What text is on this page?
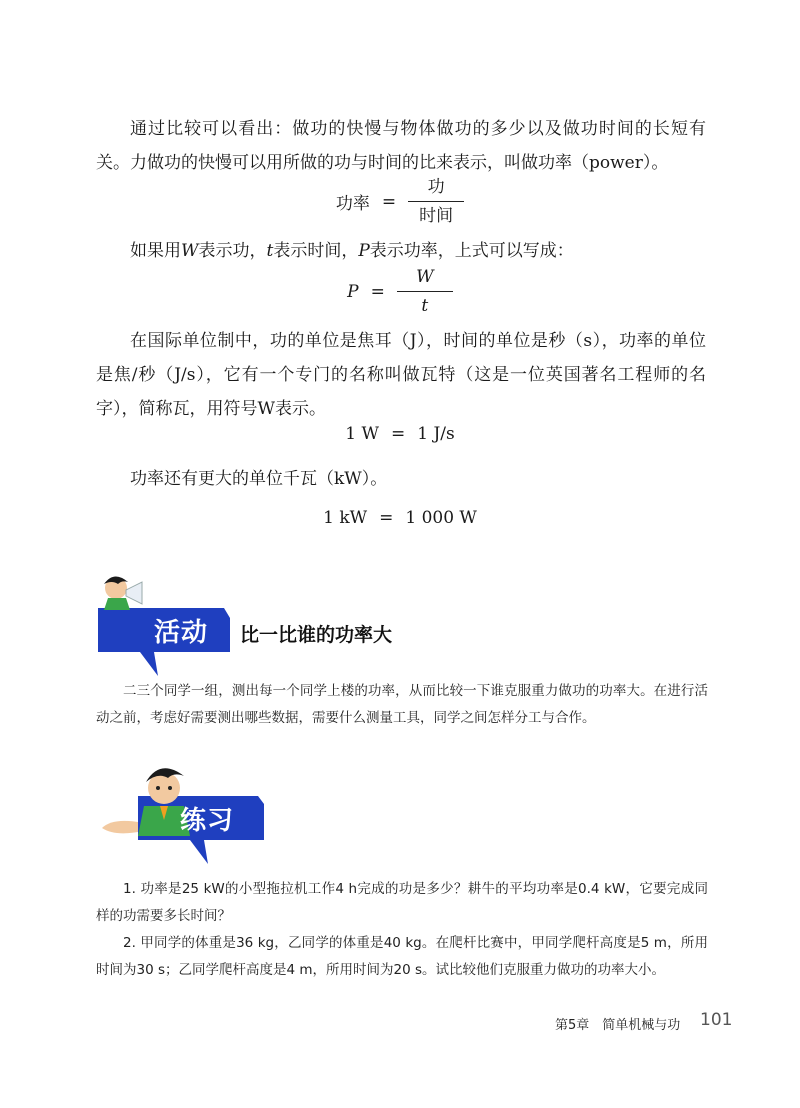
通过比较可以看出：做功的快慢与物体做功的多少以及做功时间的长短有关。力做功的快慢可以用所做的功与时间的比来表示，叫做功率（power）。

功率 = $\frac{\text{功}}{\text{时间}}$

如果用W表示功，t表示时间，P表示功率，上式可以写成：

$P = \frac{W}{t}$

在国际单位制中，功的单位是焦耳（J），时间的单位是秒（s），功率的单位是焦/秒（J/s），它有一个专门的名称叫做瓦特（这是一位英国著名工程师的名字），简称瓦，用符号W表示。

1 W = 1 J/s

功率还有更大的单位千瓦（kW）。

1 kW = 1 000 W
活动 比一比谁的功率大

二三个同学一组，测出每一个同学上楼的功率，从而比较一下谁克服重力做功的功率大。在进行活动之前，考虑好需要测出哪些数据，需要什么测量工具，同学之间怎样分工与合作。

练习

1. 功率是25 kW的小型拖拉机工作4 h完成的功是多少？耕牛的平均功率是0.4 kW，它要完成同样的功需要多长时间？

2. 甲同学的体重是36 kg，乙同学的体重是40 kg。在爬杆比赛中，甲同学爬杆高度是5 m，所用时间为30 s；乙同学爬杆高度是4 m，所用时间为20 s。试比较他们克服重力做功的功率大小。

第5章　简单机械与功 101
